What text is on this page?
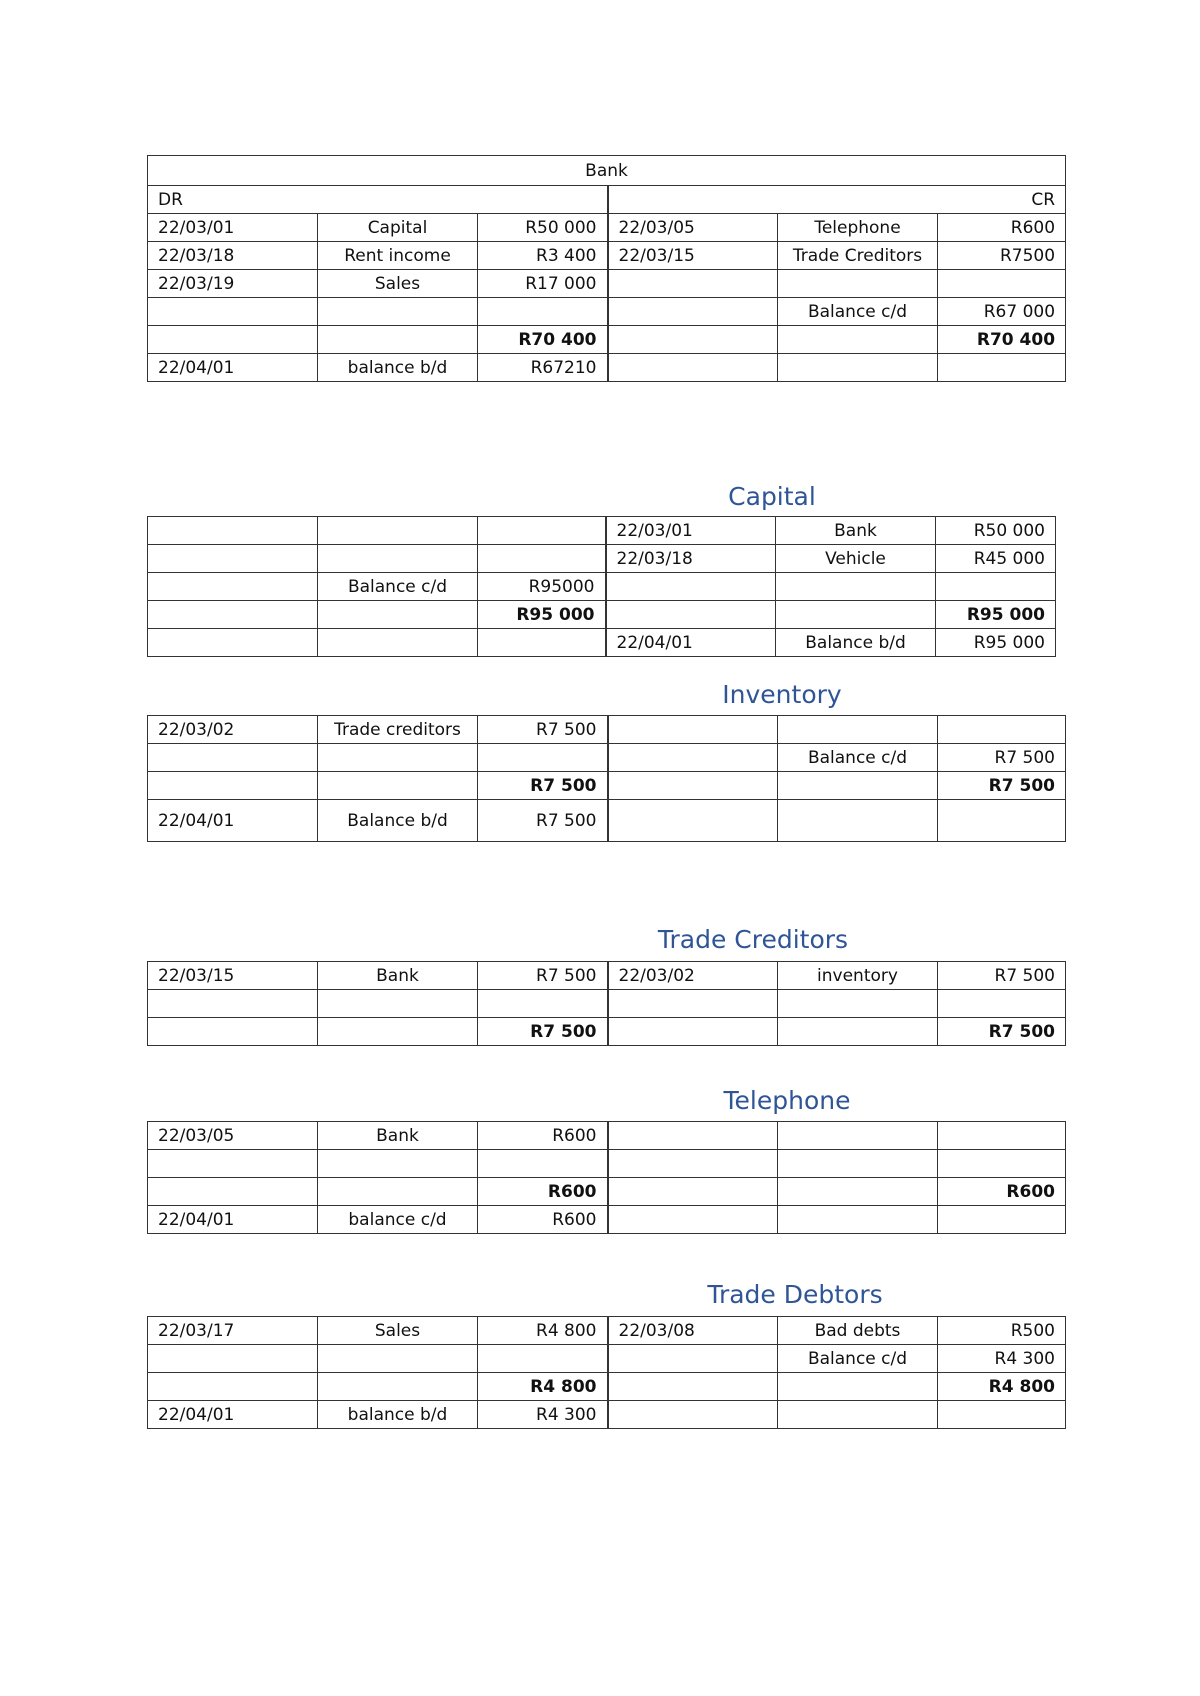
Bank					
DR			CR		
22/03/01	Capital	R50 000	22/03/05	Telephone	R600
22/03/18	Rent income	R3 400	22/03/15	Trade Creditors	R7500
22/03/19	Sales	R17 000			
				Balance c/d	R67 000
		R70 400			R70 400
22/04/01	balance b/d	R67210			
Capital
			22/03/01	Bank	R50 000
			22/03/18	Vehicle	R45 000
	Balance c/d	R95000			
		R95 000			R95 000
			22/04/01	Balance b/d	R95 000
Inventory
22/03/02	Trade creditors	R7 500			
				Balance c/d	R7 500
		R7 500			R7 500
22/04/01	Balance b/d	R7 500			
Trade Creditors
22/03/15	Bank	R7 500	22/03/02	inventory	R7 500

		R7 500			R7 500
Telephone
22/03/05	Bank	R600			

		R600			R600
22/04/01	balance c/d	R600			
Trade Debtors
22/03/17	Sales	R4 800	22/03/08	Bad debts	R500
				Balance c/d	R4 300
		R4 800			R4 800
22/04/01	balance b/d	R4 300			
